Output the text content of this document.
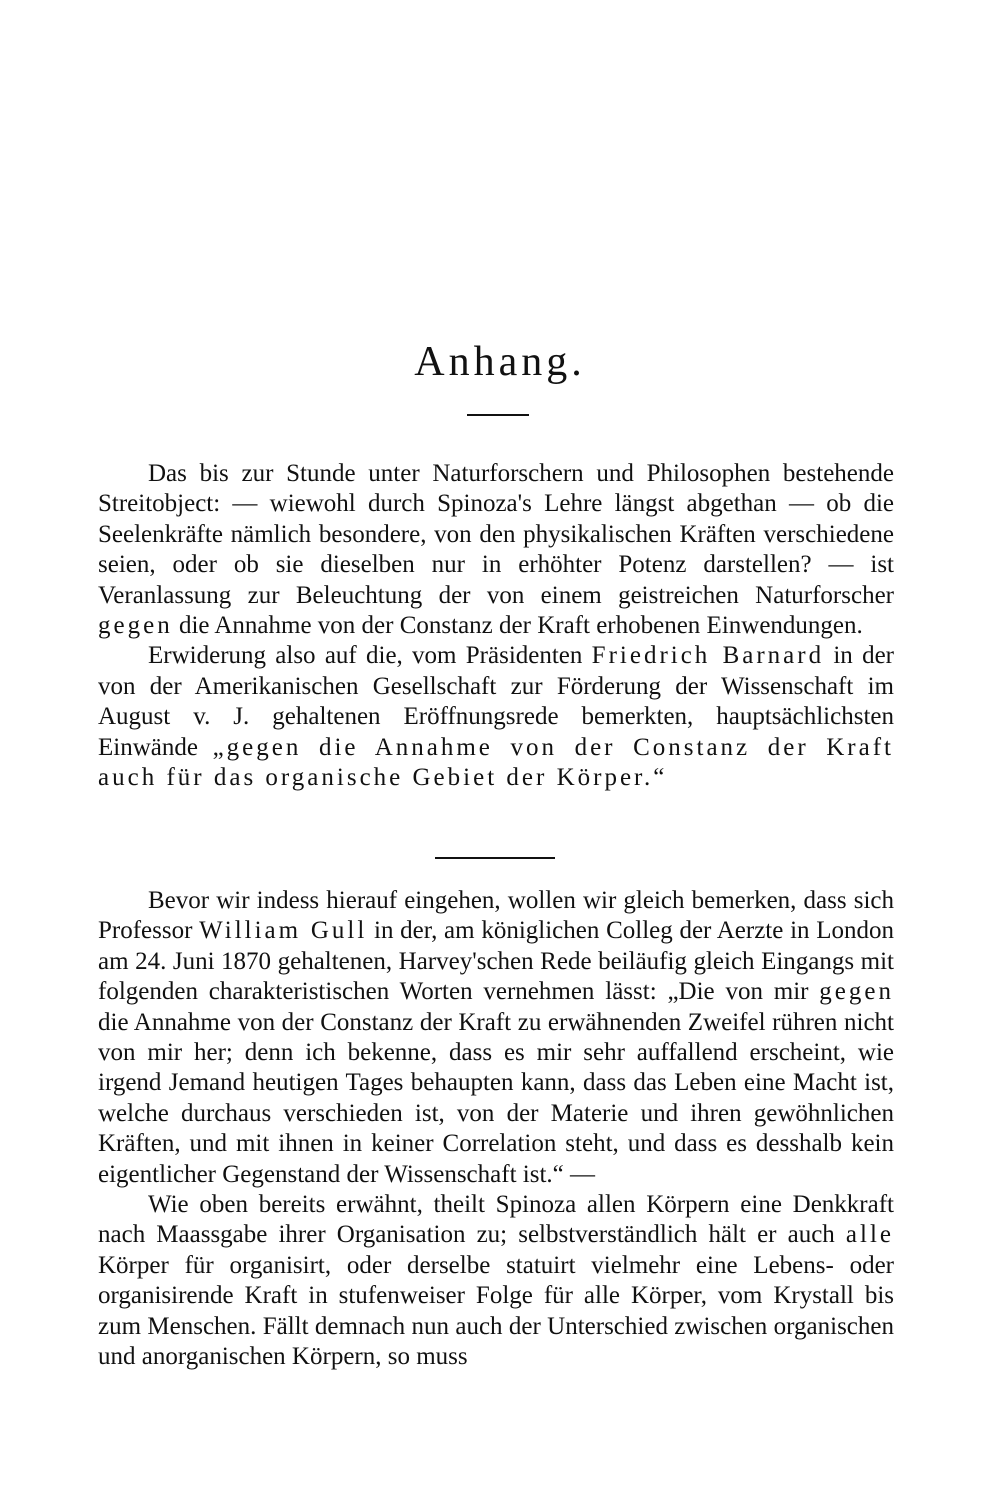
Anhang.

Das bis zur Stunde unter Naturforschern und Philosophen bestehende Streitobject: — wiewohl durch Spinoza's Lehre längst abgethan — ob die Seelenkräfte nämlich besondere, von den physikalischen Kräften verschiedene seien, oder ob sie dieselben nur in erhöhter Potenz darstellen? — ist Veranlassung zur Beleuchtung der von einem geistreichen Naturforscher gegen die Annahme von der Constanz der Kraft erhobenen Einwendungen.

Erwiderung also auf die, vom Präsidenten Friedrich Barnard in der von der Amerikanischen Gesellschaft zur Förderung der Wissenschaft im August v. J. gehaltenen Eröffnungsrede bemerkten, hauptsächlichsten Einwände „gegen die Annahme von der Constanz der Kraft auch für das organische Gebiet der Körper.“

Bevor wir indess hierauf eingehen, wollen wir gleich bemerken, dass sich Professor William Gull in der, am königlichen Colleg der Aerzte in London am 24. Juni 1870 gehaltenen, Harvey'schen Rede beiläufig gleich Eingangs mit folgenden charakteristischen Worten vernehmen lässt: „Die von mir gegen die Annahme von der Constanz der Kraft zu erwähnenden Zweifel rühren nicht von mir her; denn ich bekenne, dass es mir sehr auffallend erscheint, wie irgend Jemand heutigen Tages behaupten kann, dass das Leben eine Macht ist, welche durchaus verschieden ist, von der Materie und ihren gewöhnlichen Kräften, und mit ihnen in keiner Correlation steht, und dass es desshalb kein eigentlicher Gegenstand der Wissenschaft ist.“ —

Wie oben bereits erwähnt, theilt Spinoza allen Körpern eine Denkkraft nach Maassgabe ihrer Organisation zu; selbstverständlich hält er auch alle Körper für organisirt, oder derselbe statuirt vielmehr eine Lebens- oder organisirende Kraft in stufenweiser Folge für alle Körper, vom Krystall bis zum Menschen. Fällt demnach nun auch der Unterschied zwischen organischen und anorganischen Körpern, so muss
